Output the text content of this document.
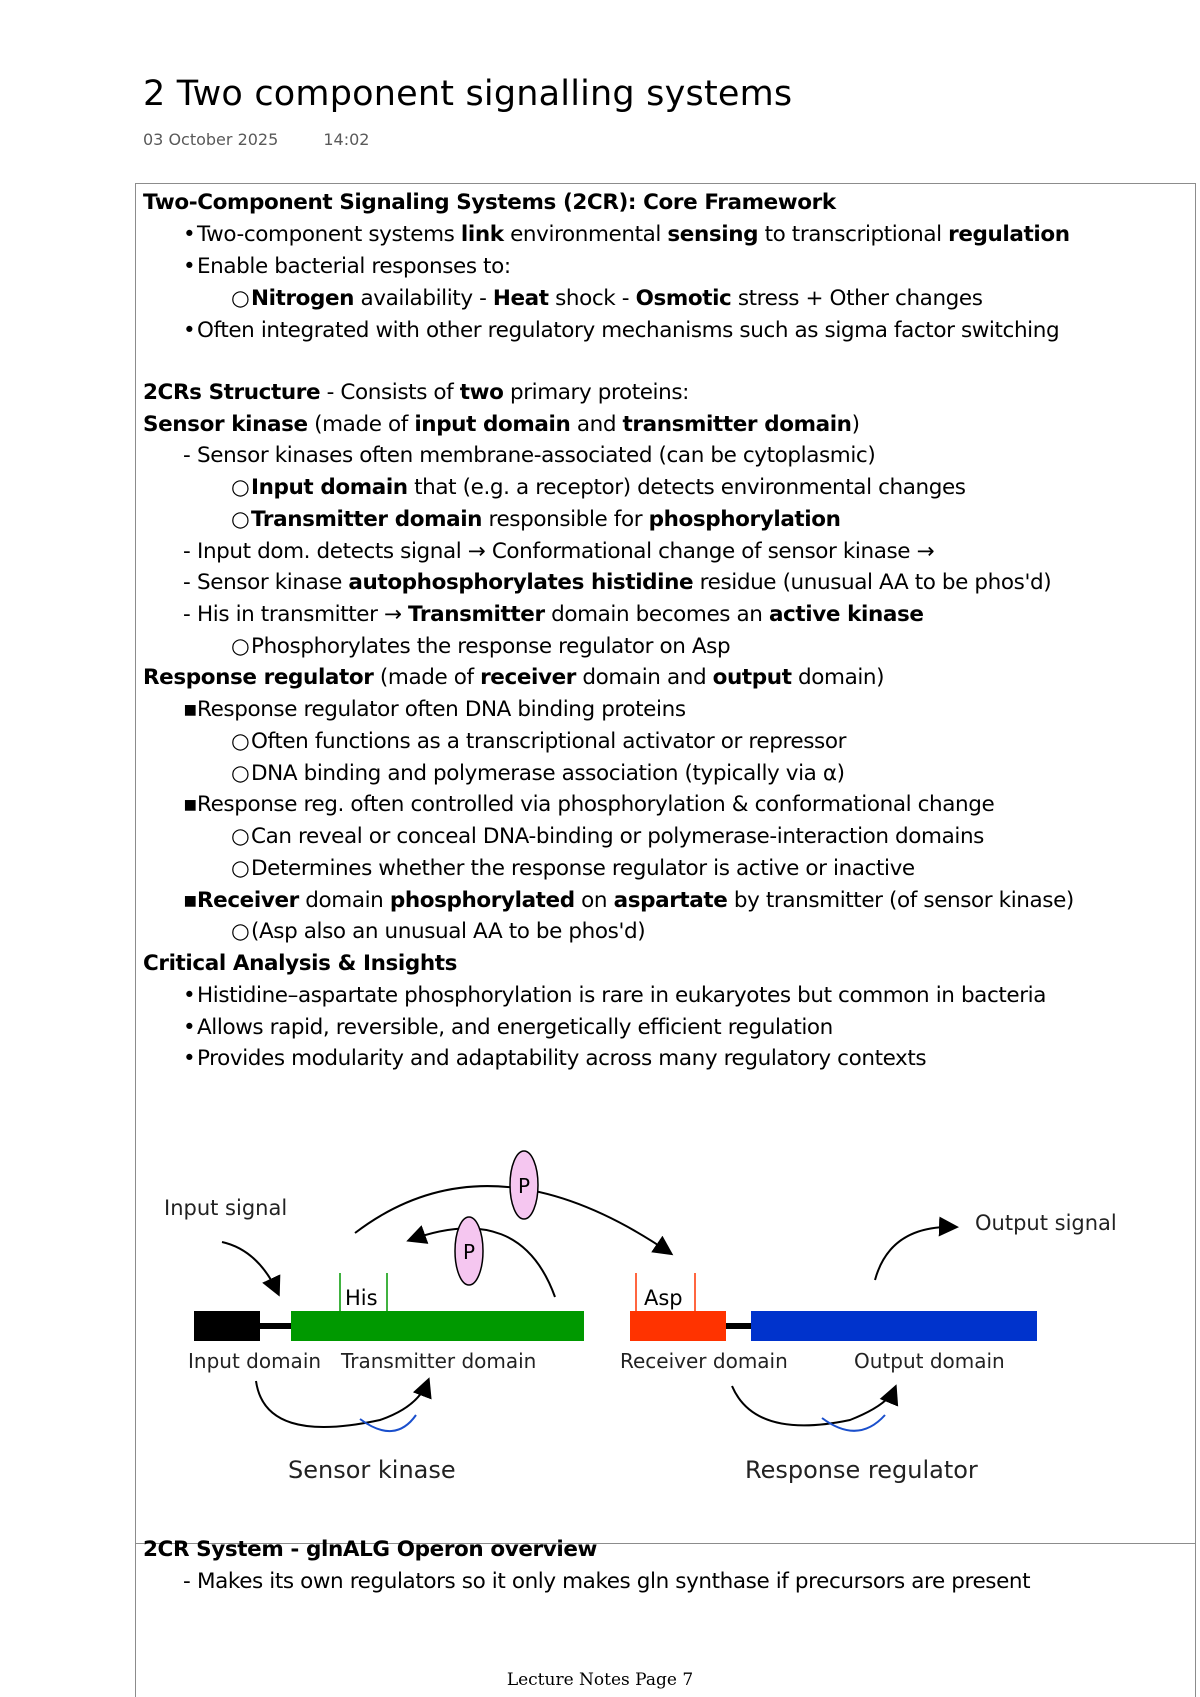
2 Two component signalling systems
03 October 2025	14:02
Two-Component Signaling Systems (2CR): Core Framework
•Two-component systems link environmental sensing to transcriptional regulation
•Enable bacterial responses to:
○Nitrogen availability - Heat shock - Osmotic stress + Other changes
•Often integrated with other regulatory mechanisms such as sigma factor switching
2CRs Structure - Consists of two primary proteins:
Sensor kinase (made of input domain and transmitter domain)
- Sensor kinases often membrane-associated (can be cytoplasmic)
○Input domain that (e.g. a receptor) detects environmental changes
○Transmitter domain responsible for phosphorylation
- Input dom. detects signal → Conformational change of sensor kinase →
- Sensor kinase autophosphorylates histidine residue (unusual AA to be phos'd)
- His in transmitter → Transmitter domain becomes an active kinase
○Phosphorylates the response regulator on Asp
Response regulator (made of receiver domain and output domain)
▪Response regulator often DNA binding proteins
○Often functions as a transcriptional activator or repressor
○DNA binding and polymerase association (typically via α)
▪Response reg. often controlled via phosphorylation & conformational change
○Can reveal or conceal DNA-binding or polymerase-interaction domains
○Determines whether the response regulator is active or inactive
▪Receiver domain phosphorylated on aspartate by transmitter (of sensor kinase)
○(Asp also an unusual AA to be phos'd)
Critical Analysis & Insights
•Histidine–aspartate phosphorylation is rare in eukaryotes but common in bacteria
•Allows rapid, reversible, and energetically efficient regulation
•Provides modularity and adaptability across many regulatory contexts
Input signal
Output signal
P
P
His	Asp
Input domain Transmitter domain	Receiver domain	Output domain
Sensor kinase	Response regulator
2CR System - glnALG Operon overview
- Makes its own regulators so it only makes gln synthase if precursors are present
Lecture Notes Page 7
